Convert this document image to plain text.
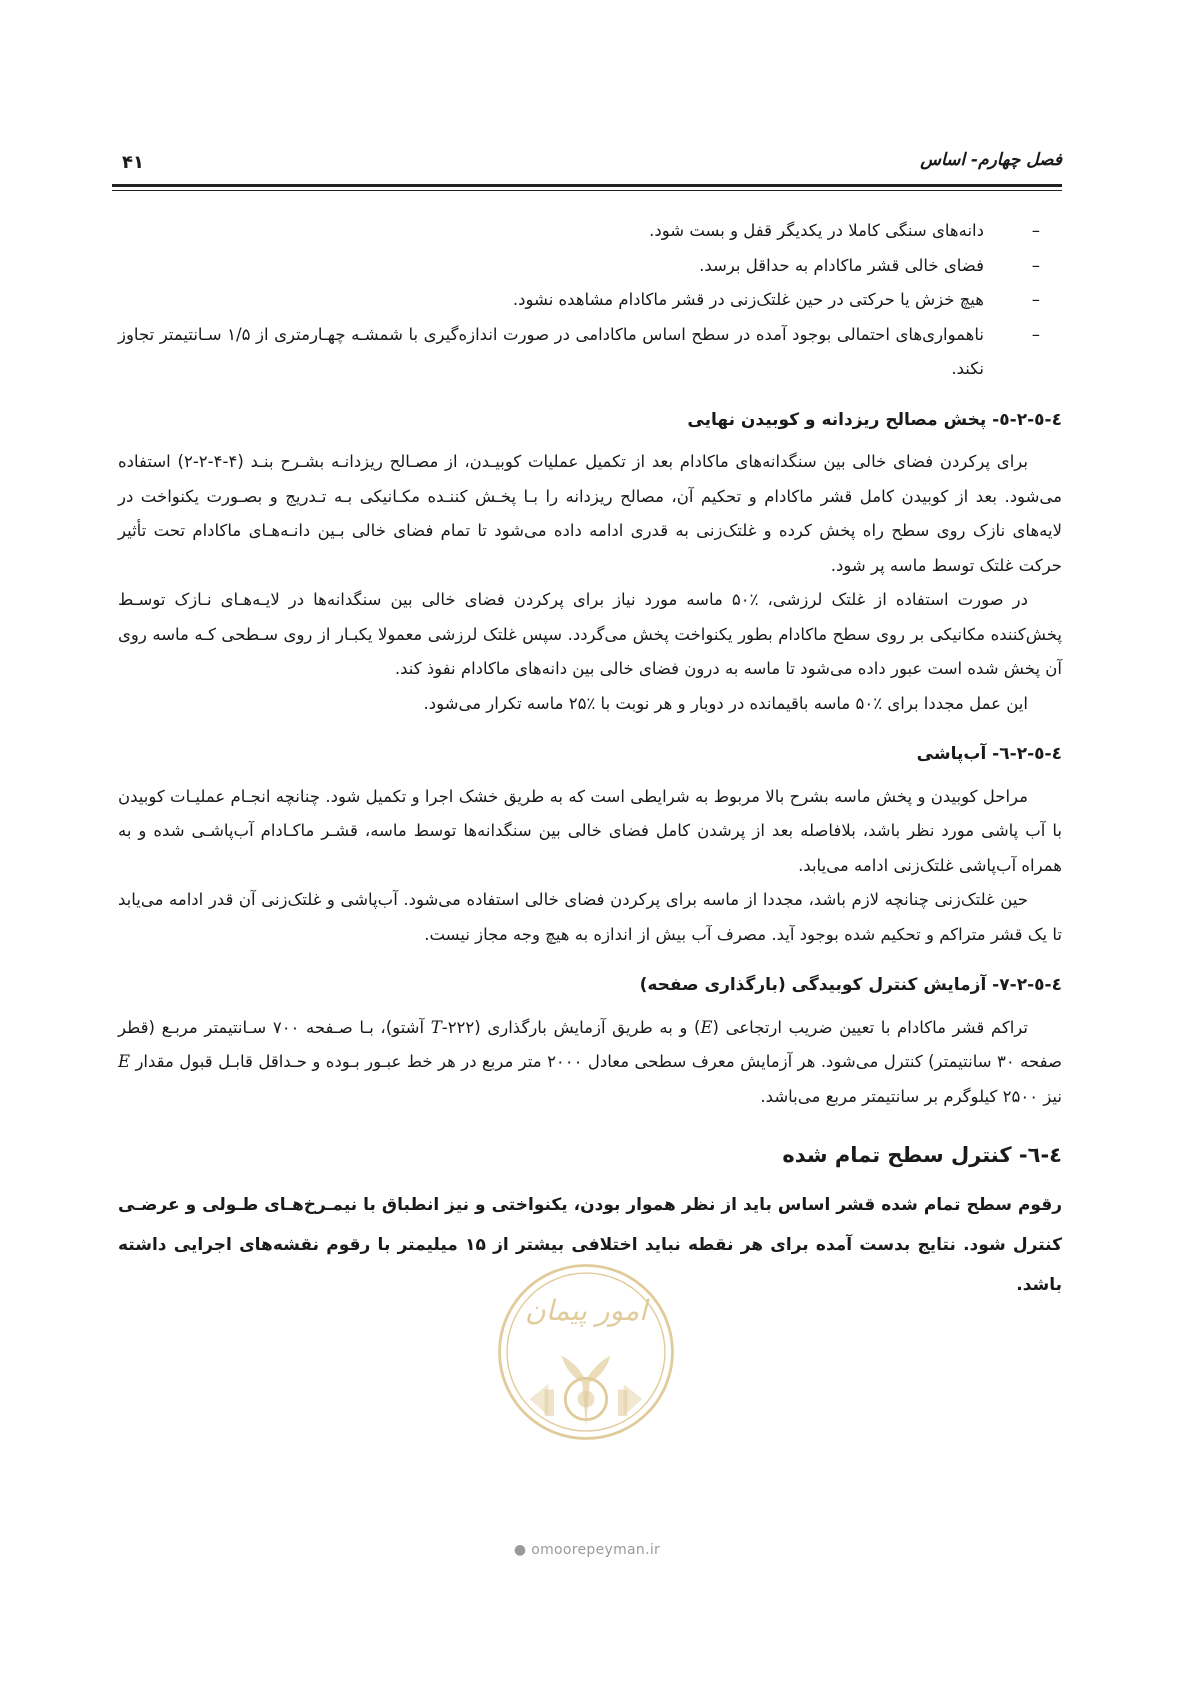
فصل چهارم- اساس
۴۱
–
دانه‌های سنگی کاملا در یکدیگر قفل و بست شود.
–
فضای خالی قشر ماکادام به حداقل برسد.
–
هیچ خزش یا حرکتی در حین غلتک‌زنی در قشر ماکادام مشاهده نشود.
–
ناهمواری‌های احتمالی بوجود آمده در سطح اساس ماکادامی در صورت اندازه‌گیری با شمشـه چهـارمتری از ۱/۵ سـانتیمتر تجاوز نکند.
٤-٥-٢-٥- پخش مصالح ریزدانه و کوبیدن نهایی

برای پرکردن فضای خالی بین سنگدانه‌های ماکادام بعد از تکمیل عملیات کوبیـدن، از مصـالح ریزدانـه بشـرح بنـد (۴-۴-۲-۲) استفاده می‌شود. بعد از کوبیدن کامل قشر ماکادام و تحکیم آن، مصالح ریزدانه را بـا پخـش کننـده مکـانیکی بـه تـدریج و بصـورت یکنواخت در لایه‌های نازک روی سطح راه پخش کرده و غلتک‌زنی به قدری ادامه داده می‌شود تا تمام فضای خالی بـین دانـه‌هـای ماکادام تحت تأثیر حرکت غلتک توسط ماسه پر شود.

در صورت استفاده از غلتک لرزشی، ٪۵۰ ماسه مورد نیاز برای پرکردن فضای خالی بین سنگدانه‌ها در لایـه‌هـای نـازک توسـط پخش‌کننده مکانیکی بر روی سطح ماکادام بطور یکنواخت پخش می‌گردد. سپس غلتک لرزشی معمولا یکبـار از روی سـطحی کـه ماسه روی آن پخش شده است عبور داده می‌شود تا ماسه به درون فضای خالی بین دانه‌های ماکادام نفوذ کند.

این عمل مجددا برای ٪۵۰ ماسه باقیمانده در دوبار و هر نوبت با ٪۲۵ ماسه تکرار می‌شود.

٤-٥-٢-٦- آب‌پاشی

مراحل کوبیدن و پخش ماسه بشرح بالا مربوط به شرایطی است که به طریق خشک اجرا و تکمیل شود. چنانچه انجـام عملیـات کوبیدن با آب پاشی مورد نظر باشد، بلافاصله بعد از پرشدن کامل فضای خالی بین سنگدانه‌ها توسط ماسه، قشـر ماکـادام آب‌پاشـی شده و به همراه آب‌پاشی غلتک‌زنی ادامه می‌یابد.

حین غلتک‌زنی چنانچه لازم باشد، مجددا از ماسه برای پرکردن فضای خالی استفاده می‌شود. آب‌پاشی و غلتک‌زنی آن قدر ادامه می‌یابد تا یک قشر متراکم و تحکیم شده بوجود آید. مصرف آب بیش از اندازه به هیچ وجه مجاز نیست.

٤-٥-٢-٧- آزمایش کنترل کوبیدگی (بارگذاری صفحه)

تراکم قشر ماکادام با تعیین ضریب ارتجاعی (E) و به طریق آزمایش بارگذاری (۲۲۲-T آشتو)، بـا صـفحه ۷۰۰ سـانتیمتر مربـع (قطر صفحه ۳۰ سانتیمتر) کنترل می‌شود. هر آزمایش معرف سطحی معادل ۲۰۰۰ متر مربع در هر خط عبـور بـوده و حـداقل قابـل قبول مقدار E نیز ۲۵۰۰ کیلوگرم بر سانتیمتر مربع می‌باشد.

٤-٦- کنترل سطح تمام شده

رقوم سطح تمام شده قشر اساس باید از نظر هموار بودن، یکنواختی و نیز انطباق با نیمـرخ‌هـای طـولی و عرضـی کنترل شود. نتایج بدست آمده برای هر نقطه نباید اختلافی بیشتر از ۱۵ میلیمتر با رقوم نقشه‌های اجرایی داشته باشد.

امور پیمان
● omoorepeyman.ir
